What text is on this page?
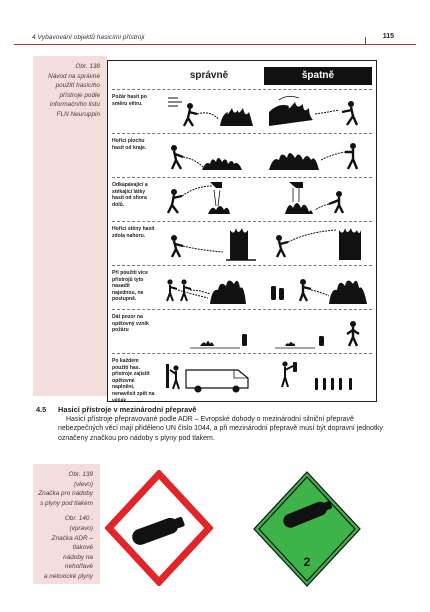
4 Vybavování objektů hasicími přístroji	115
Obr. 138
Návod na správné
použití hasicího
přístroje podle
informačního listu
FLN Neuruppin
správně	špatně
Požár hasit po směru větru.
Hořící plochu hasit od kraje.
Odkapávající a stékající látky hasit od shora dolů.
Hořící stěny hasit zdola nahoru.
Při použití více přístrojů tyto nasadit najednou, ne postupně.
Dát pozor na opětovný vznik požáru
Po každém použití has. přístroje zajistit opětovné naplnění, nenavěsit zpět na věšák.
4.5 Hasicí přístroje v mezinárodní přepravě
Hasicí přístroje přepravované podle ADR – Evropské dohody o mezinárodní silniční přepravě nebezpečných věcí mají přiděleno UN číslo 1044, a při mezinárodní přepravě musí být dopravní jednotky označeny značkou pro nádoby s plyny pod tlakem.

Obr. 139
(vlevo)
Značka pro nádoby
s plyny pod tlakem

Obr. 140 .
(vpravo)
Značka ADR – tlakové
nádoby na nehořlavé
a netoxické plyny

2
